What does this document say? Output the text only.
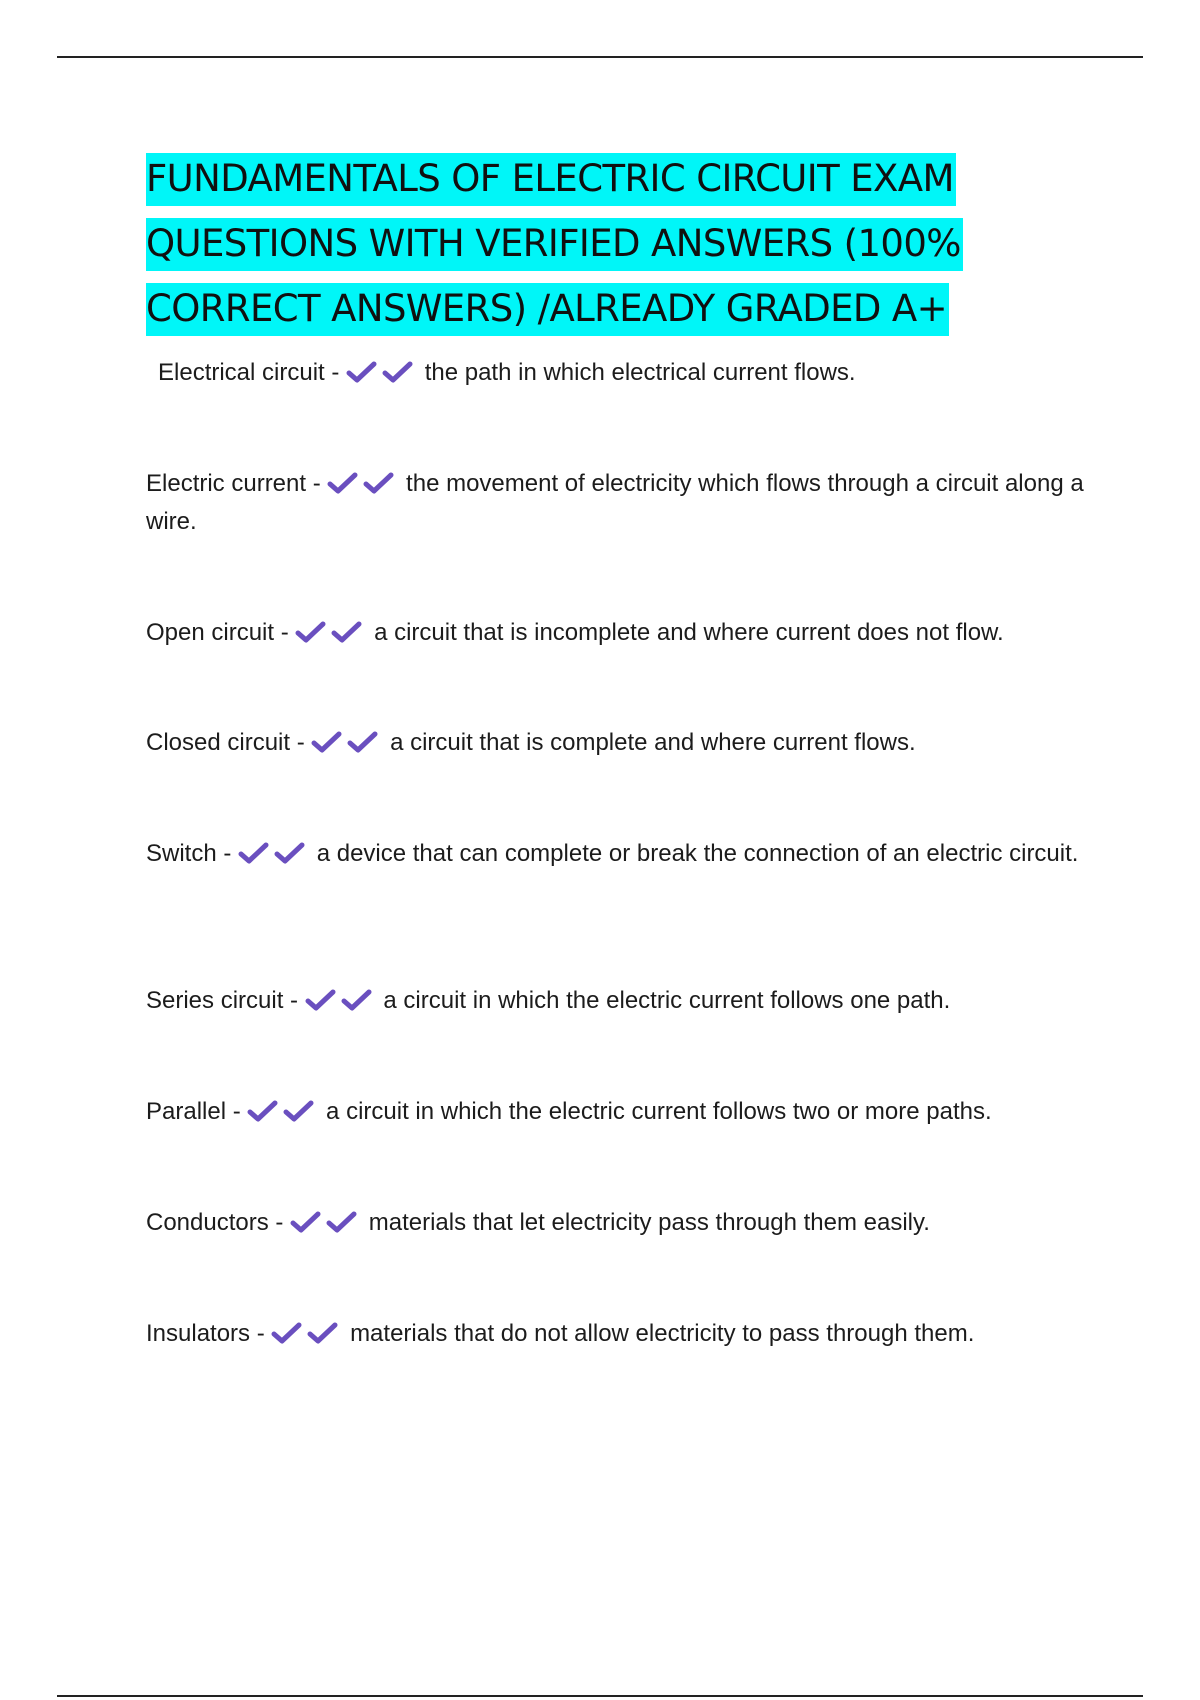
FUNDAMENTALS OF ELECTRIC CIRCUIT EXAM
QUESTIONS WITH VERIFIED ANSWERS (100%
CORRECT ANSWERS) /ALREADY GRADED A+

Electrical circuit -	the path in which electrical current flows.

Electric current -	the movement of electricity which flows through a circuit along a wire.

Open circuit -	a circuit that is incomplete and where current does not flow.

Closed circuit -	a circuit that is complete and where current flows.

Switch -	a device that can complete or break the connection of an electric circuit.

Series circuit -	a circuit in which the electric current follows one path.

Parallel -	a circuit in which the electric current follows two or more paths.

Conductors -	materials that let electricity pass through them easily.

Insulators -	materials that do not allow electricity to pass through them.
